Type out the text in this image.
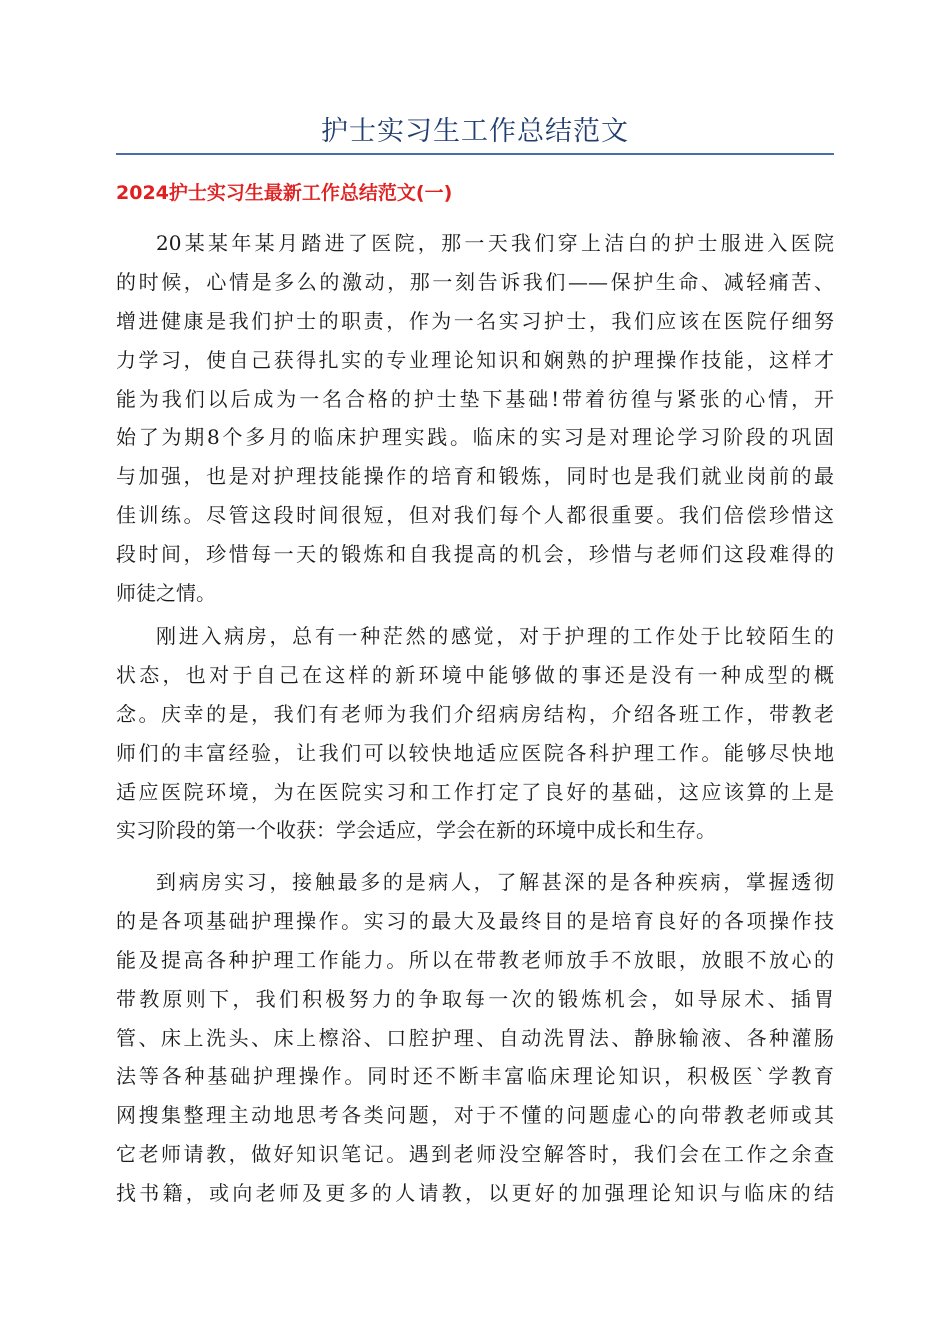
护士实习生工作总结范文
2024护士实习生最新工作总结范文(一)
20某某年某月踏进了医院，那一天我们穿上洁白的护士服进入医院
的时候，心情是多么的激动，那一刻告诉我们——保护生命、减轻痛苦、
增进健康是我们护士的职责，作为一名实习护士，我们应该在医院仔细努
力学习，使自己获得扎实的专业理论知识和娴熟的护理操作技能，这样才
能为我们以后成为一名合格的护士垫下基础!带着彷徨与紧张的心情，开
始了为期8个多月的临床护理实践。临床的实习是对理论学习阶段的巩固
与加强，也是对护理技能操作的培育和锻炼，同时也是我们就业岗前的最
佳训练。尽管这段时间很短，但对我们每个人都很重要。我们倍偿珍惜这
段时间，珍惜每一天的锻炼和自我提高的机会，珍惜与老师们这段难得的
师徒之情。
刚进入病房，总有一种茫然的感觉，对于护理的工作处于比较陌生的
状态，也对于自己在这样的新环境中能够做的事还是没有一种成型的概
念。庆幸的是，我们有老师为我们介绍病房结构，介绍各班工作，带教老
师们的丰富经验，让我们可以较快地适应医院各科护理工作。能够尽快地
适应医院环境，为在医院实习和工作打定了良好的基础，这应该算的上是
实习阶段的第一个收获：学会适应，学会在新的环境中成长和生存。
到病房实习，接触最多的是病人，了解甚深的是各种疾病，掌握透彻
的是各项基础护理操作。实习的最大及最终目的是培育良好的各项操作技
能及提高各种护理工作能力。所以在带教老师放手不放眼，放眼不放心的
带教原则下，我们积极努力的争取每一次的锻炼机会，如导尿术、插胃
管、床上洗头、床上檫浴、口腔护理、自动洗胃法、静脉输液、各种灌肠
法等各种基础护理操作。同时还不断丰富临床理论知识，积极医`学教育
网搜集整理主动地思考各类问题，对于不懂的问题虚心的向带教老师或其
它老师请教，做好知识笔记。遇到老师没空解答时，我们会在工作之余查
找书籍，或向老师及更多的人请教，以更好的加强理论知识与临床的结
